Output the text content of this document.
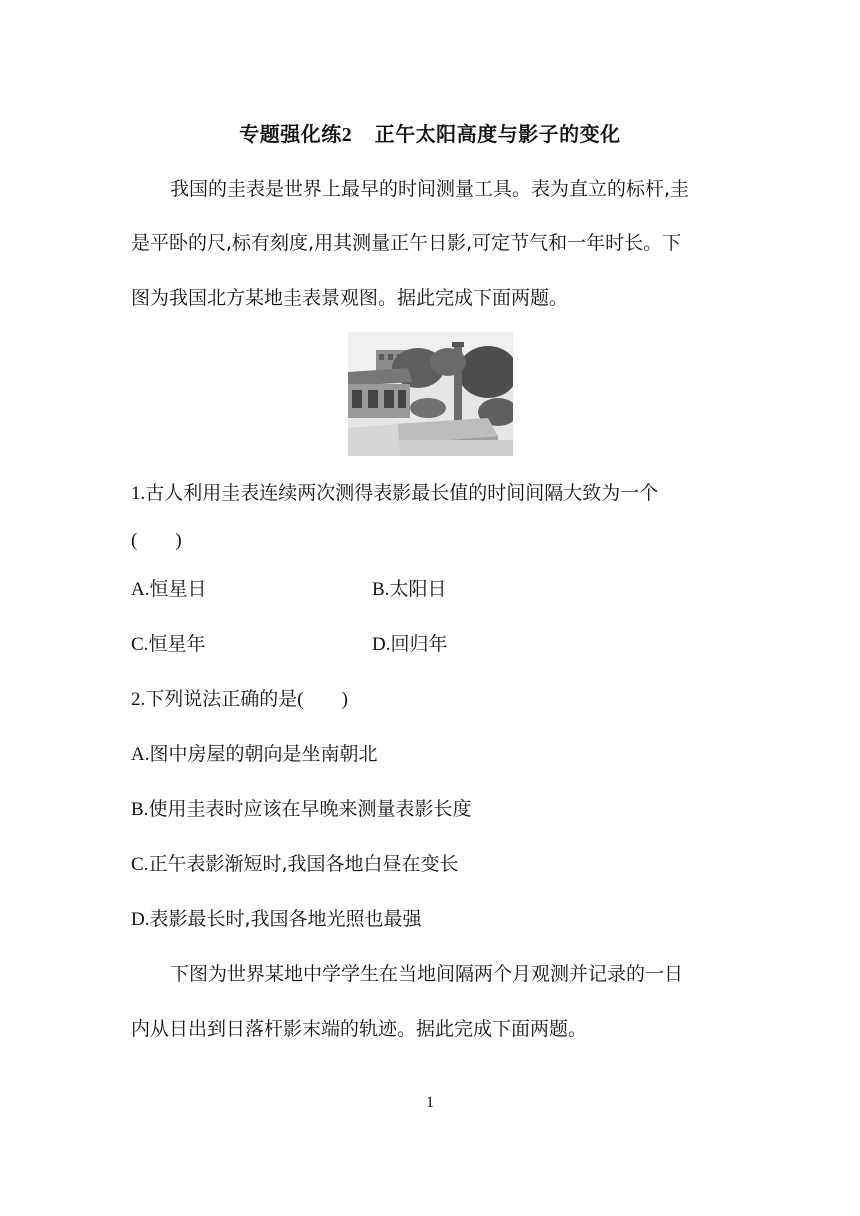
专题强化练2 正午太阳高度与影子的变化
我国的圭表是世界上最早的时间测量工具。表为直立的标杆,圭
是平卧的尺,标有刻度,用其测量正午日影,可定节气和一年时长。下
图为我国北方某地圭表景观图。据此完成下面两题。
1.古人利用圭表连续两次测得表影最长值的时间间隔大致为一个
(　　)
A.恒星日	B.太阳日
C.恒星年	D.回归年
2.下列说法正确的是(　　)
A.图中房屋的朝向是坐南朝北
B.使用圭表时应该在早晚来测量表影长度
C.正午表影渐短时,我国各地白昼在变长
D.表影最长时,我国各地光照也最强
下图为世界某地中学学生在当地间隔两个月观测并记录的一日
内从日出到日落杆影末端的轨迹。据此完成下面两题。
1
